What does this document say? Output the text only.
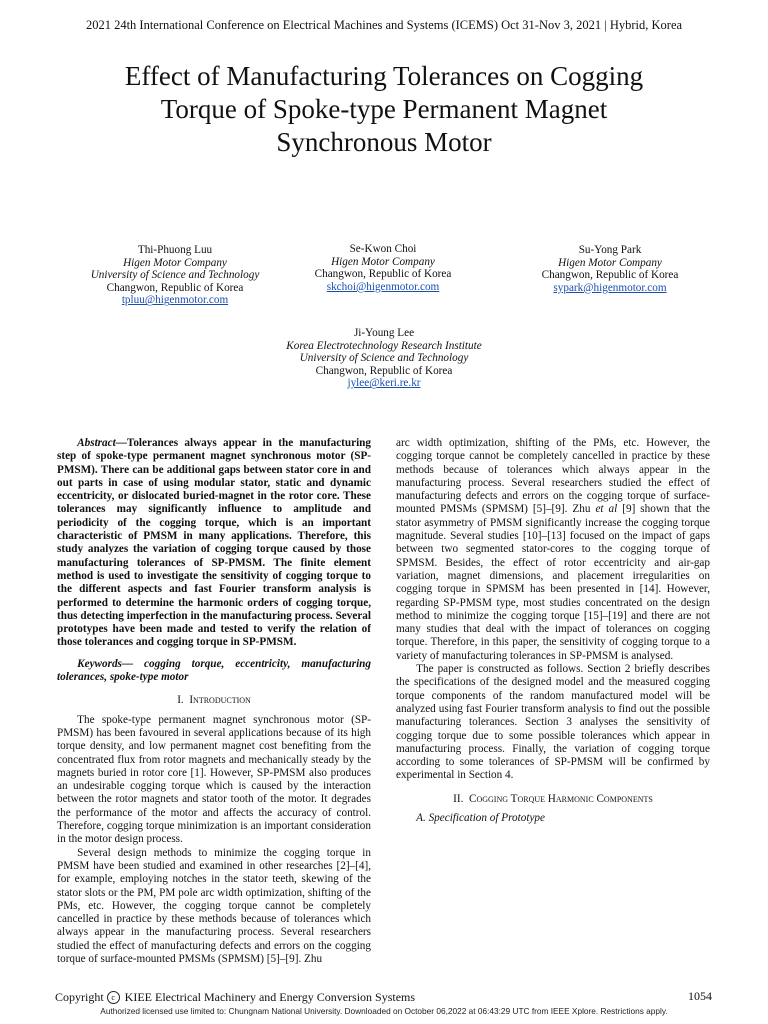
2021 24th International Conference on Electrical Machines and Systems (ICEMS) Oct 31-Nov 3, 2021 | Hybrid, Korea
Effect of Manufacturing Tolerances on Cogging
Torque of Spoke-type Permanent Magnet
Synchronous Motor
Thi-Phuong Luu
Higen Motor Company
University of Science and Technology
Changwon, Republic of Korea
tpluu@higenmotor.com
Se-Kwon Choi
Higen Motor Company
Changwon, Republic of Korea
skchoi@higenmotor.com
Su-Yong Park
Higen Motor Company
Changwon, Republic of Korea
sypark@higenmotor.com
Ji-Young Lee
Korea Electrotechnology Research Institute
University of Science and Technology
Changwon, Republic of Korea
jylee@keri.re.kr

Abstract—Tolerances always appear in the manufacturing step of spoke-type permanent magnet synchronous motor (SP-PMSM). There can be additional gaps between stator core in and out parts in case of using modular stator, static and dynamic eccentricity, or dislocated buried-magnet in the rotor core. These tolerances may significantly influence to amplitude and periodicity of the cogging torque, which is an important characteristic of PMSM in many applications. Therefore, this study analyzes the variation of cogging torque caused by those manufacturing tolerances of SP-PMSM. The finite element method is used to investigate the sensitivity of cogging torque to the different aspects and fast Fourier transform analysis is performed to determine the harmonic orders of cogging torque, thus detecting imperfection in the manufacturing process. Several prototypes have been made and tested to verify the relation of those tolerances and cogging torque in SP-PMSM.

Keywords— cogging torque, eccentricity, manufacturing tolerances, spoke-type motor

I. Introduction

The spoke-type permanent magnet synchronous motor (SP-PMSM) has been favoured in several applications because of its high torque density, and low permanent magnet cost benefiting from the concentrated flux from rotor magnets and mechanically steady by the magnets buried in rotor core [1]. However, SP-PMSM also produces an undesirable cogging torque which is caused by the interaction between the rotor magnets and stator tooth of the motor. It degrades the performance of the motor and affects the accuracy of control. Therefore, cogging torque minimization is an important consideration in the motor design process.

Several design methods to minimize the cogging torque in PMSM have been studied and examined in other researches [2]–[4], for example, employing notches in the stator teeth, skewing of the stator slots or the PM, PM pole arc width optimization, shifting of the PMs, etc. However, the cogging torque cannot be completely cancelled in practice by these methods because of tolerances which always appear in the manufacturing process. Several researchers studied the effect of manufacturing defects and errors on the cogging torque of surface-mounted PMSMs (SPMSM) [5]–[9]. Zhu

arc width optimization, shifting of the PMs, etc. However, the cogging torque cannot be completely cancelled in practice by these methods because of tolerances which always appear in the manufacturing process. Several researchers studied the effect of manufacturing defects and errors on the cogging torque of surface-mounted PMSMs (SPMSM) [5]–[9]. Zhu et al [9] shown that the stator asymmetry of PMSM significantly increase the cogging torque magnitude. Several studies [10]–[13] focused on the impact of gaps between two segmented stator-cores to the cogging torque of SPMSM. Besides, the effect of rotor eccentricity and air-gap variation, magnet dimensions, and placement irregularities on cogging torque in SPMSM has been presented in [14]. However, regarding SP-PMSM type, most studies concentrated on the design method to minimize the cogging torque [15]–[19] and there are not many studies that deal with the impact of tolerances on cogging torque. Therefore, in this paper, the sensitivity of cogging torque to a variety of manufacturing tolerances in SP-PMSM is analysed.

The paper is constructed as follows. Section 2 briefly describes the specifications of the designed model and the measured cogging torque components of the random manufactured model will be analyzed using fast Fourier transform analysis to find out the possible manufacturing tolerances. Section 3 analyses the sensitivity of cogging torque due to some possible tolerances which appear in manufacturing process. Finally, the variation of cogging torque according to some tolerances of SP-PMSM will be confirmed by experimental in Section 4.

II. Cogging Torque Harmonic Components

A. Specification of Prototype

Copyright c KIEE Electrical Machinery and Energy Conversion Systems	1054
Authorized licensed use limited to: Chungnam National University. Downloaded on October 06,2022 at 06:43:29 UTC from IEEE Xplore. Restrictions apply.
